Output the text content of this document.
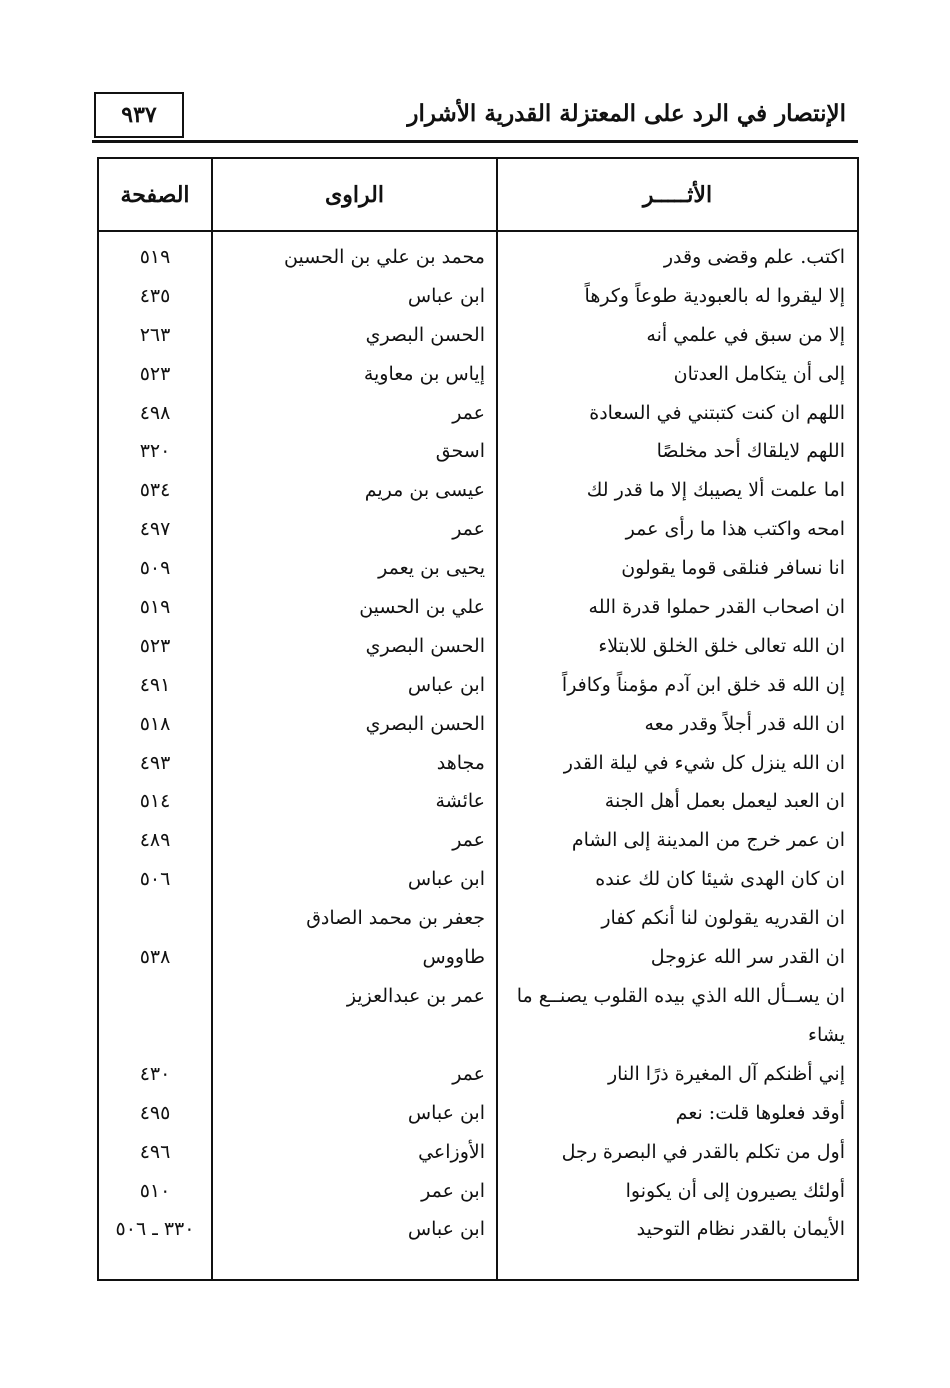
الإنتصار في الرد على المعتزلة القدرية الأشرار
٩٣٧
الأثـــــر
الراوى
الصفحة
اكتب. علم وقضى وقدر
محمد بن علي بن الحسين
٥١٩
إلا ليقروا له بالعبودية طوعاً وكرهاً
ابن عباس
٤٣٥
إلا من سبق في علمي أنه
الحسن البصري
٢٦٣
إلى أن يتكامل العدتان
إياس بن معاوية
٥٢٣
اللهم ان كنت كتبتني في السعادة
عمر
٤٩٨
اللهم لايلقاك أحد مخلصًا
اسحق
٣٢٠
اما علمت ألا يصيبك إلا ما قدر لك
عيسى بن مريم
٥٣٤
امحه واكتب هذا ما رأى عمر
عمر
٤٩٧
انا نسافر فنلقى قوما يقولون
يحيى بن يعمر
٥٠٩
ان اصحاب القدر حملوا قدرة الله
علي بن الحسين
٥١٩
ان الله تعالى خلق الخلق للابتلاء
الحسن البصري
٥٢٣
إن الله قد خلق ابن آدم مؤمناً وكافراً
ابن عباس
٤٩١
ان الله قدر أجلاً وقدر معه
الحسن البصري
٥١٨
ان الله ينزل كل شيء في ليلة القدر
مجاهد
٤٩٣
ان العبد ليعمل بعمل أهل الجنة
عائشة
٥١٤
ان عمر خرج من المدينة إلى الشام
عمر
٤٨٩
ان كان الهدى شيئا كان لك عنده
ابن عباس
٥٠٦
ان القدريه يقولون لنا أنكم كفار
جعفر بن محمد الصادق
ان القدر سر الله عزوجل
طاووس
٥٣٨
ان يســأل الله الذي بيده القلوب يصنــع ما يشاء
عمر بن عبدالعزيز
إني أظنكم آل المغيرة ذرًا النار
عمر
٤٣٠
أوقد فعلوها قلت: نعم
ابن عباس
٤٩٥
أول من تكلم بالقدر في البصرة رجل
الأوزاعي
٤٩٦
أولئك يصيرون إلى أن يكونوا
ابن عمر
٥١٠
الأيمان بالقدر نظام التوحيد
ابن عباس
٣٣٠ ـ ٥٠٦
